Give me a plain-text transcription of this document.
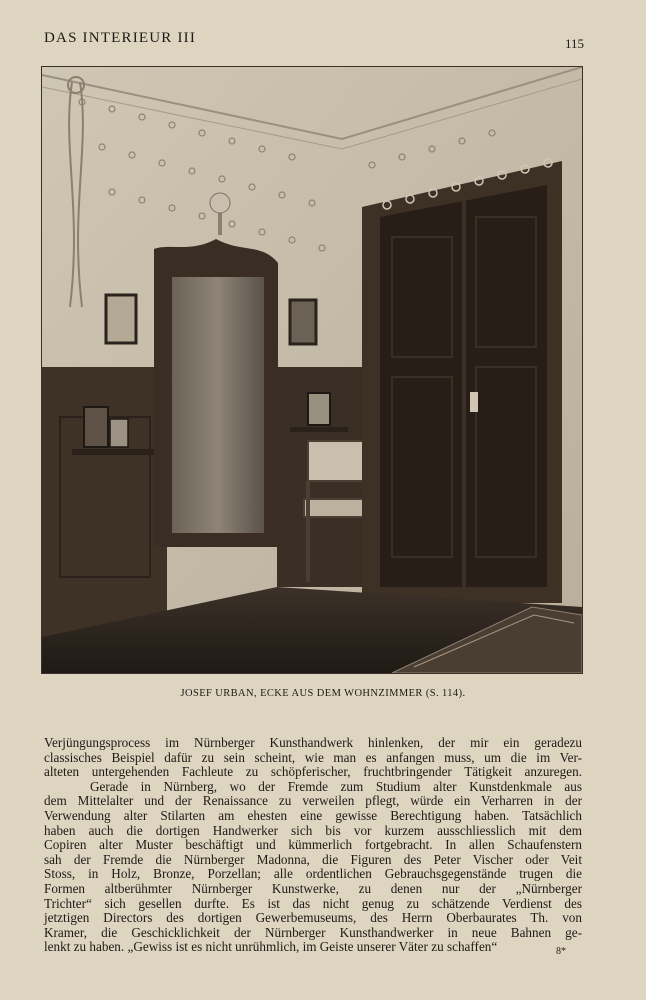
DAS INTERIEUR III	115
JOSEF URBAN, ECKE AUS DEM WOHNZIMMER (S. 114).
Verjüngungsprocess im Nürnberger Kunsthandwerk hinlenken, der mir ein geradezu
classisches Beispiel dafür zu sein scheint, wie man es anfangen muss, um die im Ver-
alteten untergehenden Fachleute zu schöpferischer, fruchtbringender Tätigkeit anzuregen.
Gerade in Nürnberg, wo der Fremde zum Studium alter Kunstdenkmale aus
dem Mittelalter und der Renaissance zu verweilen pflegt, würde ein Verharren in der
Verwendung alter Stilarten am ehesten eine gewisse Berechtigung haben. Tatsächlich
haben auch die dortigen Handwerker sich bis vor kurzem ausschliesslich mit dem
Copiren alter Muster beschäftigt und kümmerlich fortgebracht. In allen Schaufenstern
sah der Fremde die Nürnberger Madonna, die Figuren des Peter Vischer oder Veit
Stoss, in Holz, Bronze, Porzellan; alle ordentlichen Gebrauchsgegenstände trugen die
Formen altberühmter Nürnberger Kunstwerke, zu denen nur der „Nürnberger
Trichter“ sich gesellen durfte. Es ist das nicht genug zu schätzende Verdienst des
jetztigen Directors des dortigen Gewerbemuseums, des Herrn Oberbaurates Th. von
Kramer, die Geschicklichkeit der Nürnberger Kunsthandwerker in neue Bahnen ge-
lenkt zu haben. „Gewiss ist es nicht unrühmlich, im Geiste unserer Väter zu schaffen“	8*
